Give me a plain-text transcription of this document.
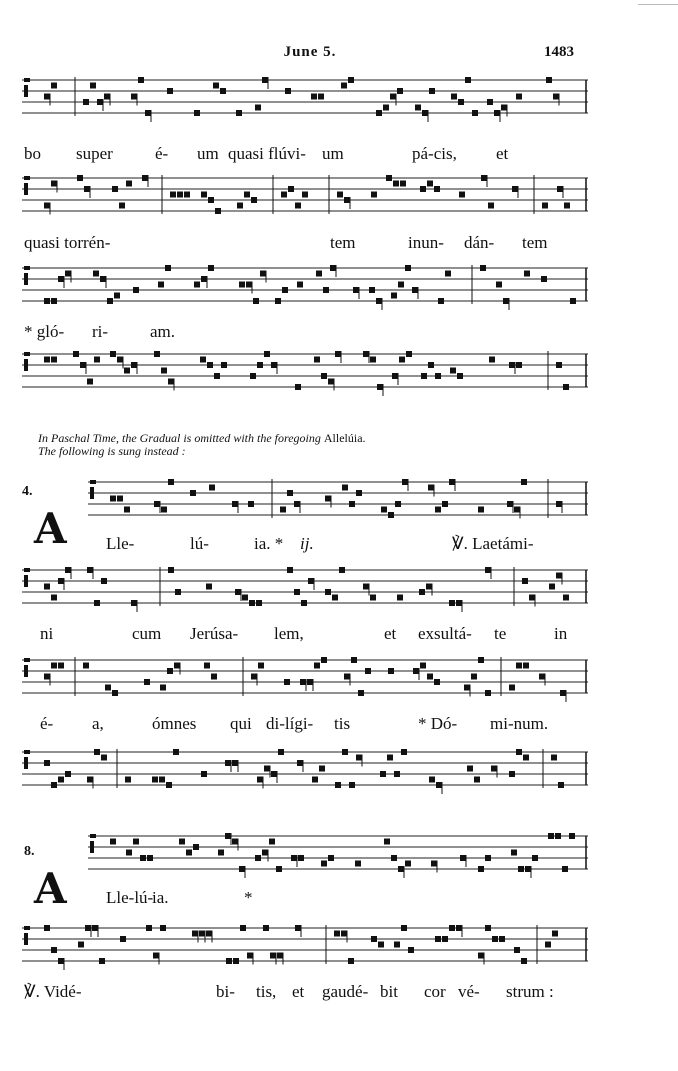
June 5.	1483
bo super é- um quasi flúvi- um	pá-cis, et
quasi torrén-	tem	inun- dán- tem
* gló- ri- am.
In Paschal Time, the Gradual is omitted with the foregoing Allelúia.
The following is sung instead :
4.
A Lle-	lú-	ia. * ij.	℣. Laetámi-
ni	cum Jerúsa- lem,	et exsultá- te	in
é- a,	ómnes qui di-lígi- tis	* Dó- mi-num.
8.
A Lle-lú-
ia.	*
℣. Vidé-	bi- tis, et gaudé- bit cor vé- strum :
